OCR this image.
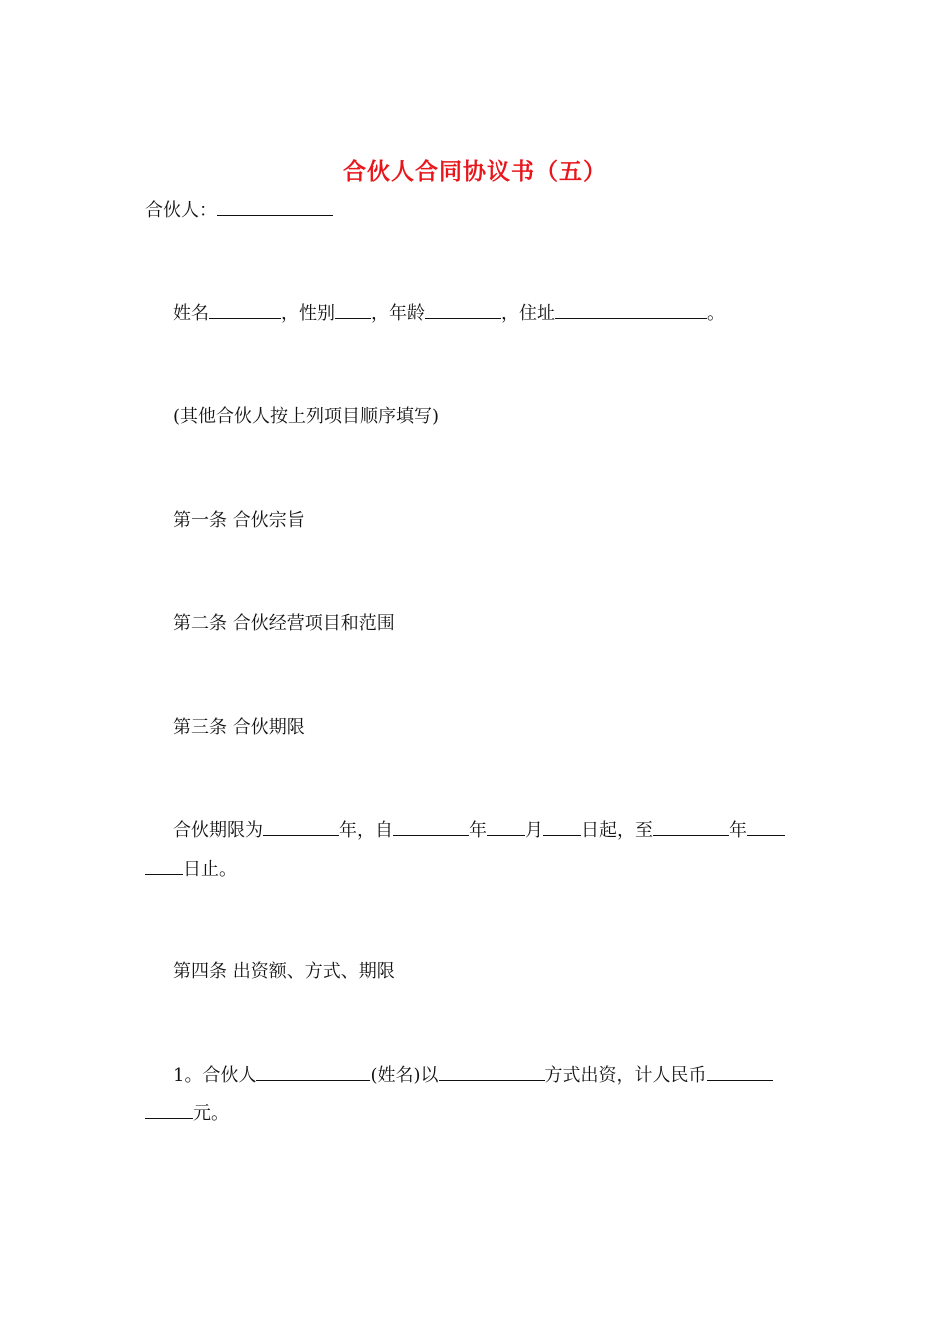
合伙人合同协议书（五）
合伙人：
姓名	，性别 ，年龄	，住址	。
(其他合伙人按上列项目顺序填写)
第一条 合伙宗旨
第二条 合伙经营项目和范围
第三条 合伙期限
合伙期限为	年，自	年 月 日起，至	年
日止。
第四条 出资额、方式、期限
1。合伙人	(姓名)以	方式出资，计人民币
元。
